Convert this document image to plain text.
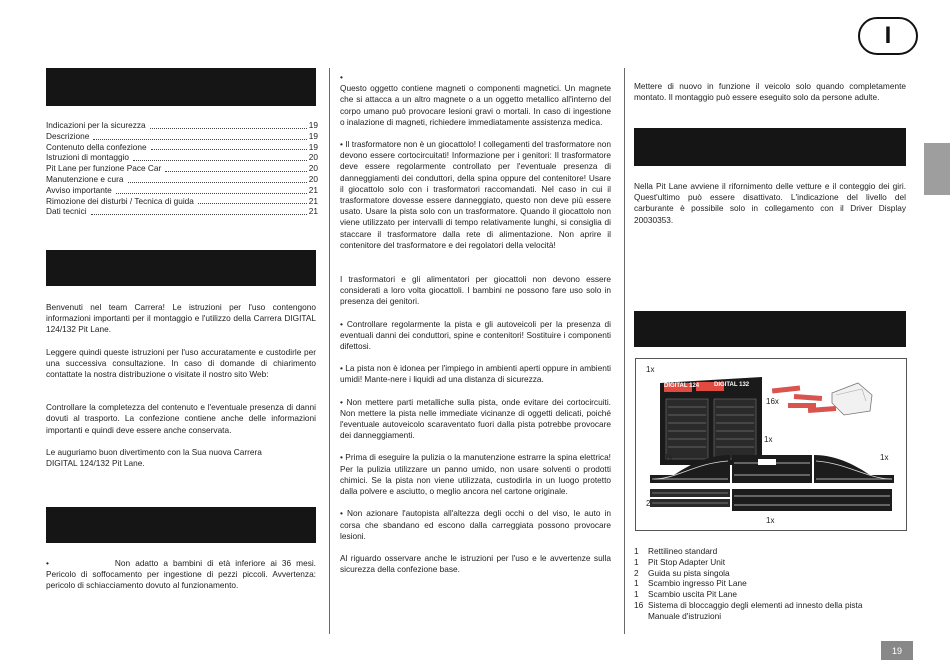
I
19
Indicazioni per la sicurezza	19
Descrizione	19
Contenuto della confezione	19
Istruzioni di montaggio	20
Pit Lane per funzione Pace Car	20
Manutenzione e cura	20
Avviso importante	21
Rimozione dei disturbi / Tecnica di guida	21
Dati tecnici	21

Benvenuti nel team Carrera! Le istruzioni per l'uso contengono informazioni importanti per il montaggio e l'utilizzo della Carrera DIGITAL 124/132 Pit Lane.

Leggere quindi queste istruzioni per l'uso accuratamente e custodirle per una successiva consultazione. In caso di domande di chiarimento contattate la nostra distribuzione o visitate il nostro sito Web:

Controllare la completezza del contenuto e l'eventuale presenza di danni dovuti al trasporto. La confezione contiene anche delle informazioni importanti e quindi deve essere anche conservata.

Le auguriamo buon divertimento con la Sua nuova Carrera DIGITAL 124/132 Pit Lane.

•	Non adatto a bambini di età inferiore ai 36 mesi. Pericolo di soffocamento per ingestione di pezzi piccoli. Avvertenza: pericolo di schiacciamento dovuto al funzionamento.

•

Questo oggetto contiene magneti o componenti magnetici. Un magnete che si attacca a un altro magnete o a un oggetto metallico all'interno del corpo umano può provocare lesioni gravi o mortali. In caso di ingestione o inalazione di magneti, richiedere immediatamente assistenza medica.

• Il trasformatore non è un giocattolo! I collegamenti del trasformatore non devono essere cortocircuitati! Informazione per i genitori: Il trasformatore deve essere regolarmente controllato per l'eventuale presenza di danneggiamenti dei conduttori, della spina oppure del contenitore! Usare il giocattolo solo con i trasformatori raccomandati. Nel caso in cui il trasformatore dovesse essere danneggiato, questo non deve più essere usato. Usare la pista solo con un trasformatore. Quando il giocattolo non viene utilizzato per intervalli di tempo relativamente lunghi, si consiglia di staccare il trasformatore dalla rete di alimentazione. Non aprire il contenitore del trasformatore e dei regolatori della velocità!

I trasformatori e gli alimentatori per giocattoli non devono essere considerati a loro volta giocattoli. I bambini ne possono fare uso solo in presenza dei genitori.

• Controllare regolarmente la pista e gli autoveicoli per la presenza di eventuali danni dei conduttori, spine e contenitori! Sostituire i componenti difettosi.

• La pista non è idonea per l'impiego in ambienti aperti oppure in ambienti umidi! Mante-nere i liquidi ad una distanza di sicurezza.

• Non mettere parti metalliche sulla pista, onde evitare dei cortocircuiti. Non mettere la pista nelle immediate vicinanze di oggetti delicati, poiché l'eventuale autoveicolo scaraventato fuori dalla pista potrebbe provocare dei danneggiamenti.

• Prima di eseguire la pulizia o la manutenzione estrarre la spina elettrica! Per la pulizia utilizzare un panno umido, non usare solventi o prodotti chimici. Se la pista non viene utilizzata, custodirla in un luogo protetto dalla polvere e asciutto, o meglio ancora nel cartone originale.

• Non azionare l'autopista all'altezza degli occhi o del viso, le auto in corsa che sbandano ed escono dalla carreggiata possono provocare lesioni.

Al riguardo osservare anche le istruzioni per l'uso e le avvertenze sulla sicurezza della confezione base.

Mettere di nuovo in funzione il veicolo solo quando completamente montato. Il montaggio può essere eseguito solo da persone adulte.

Nella Pit Lane avviene il rifornimento delle vetture e il conteggio dei giri. Quest'ultimo può essere disattivato. L'indicazione del livello del carburante è possibile solo in collegamento con il Driver Display 20030353.

1x
Carrera	Carrera
DIGITAL 124 DIGITAL 132
16x
1x
1x	1x
2
1x
1	Rettilineo standard
1	Pit Stop Adapter Unit
2	Guida su pista singola
1	Scambio ingresso Pit Lane
1	Scambio uscita Pit Lane
16 Sistema di bloccaggio degli elementi ad innesto della pista
Manuale d'istruzioni
